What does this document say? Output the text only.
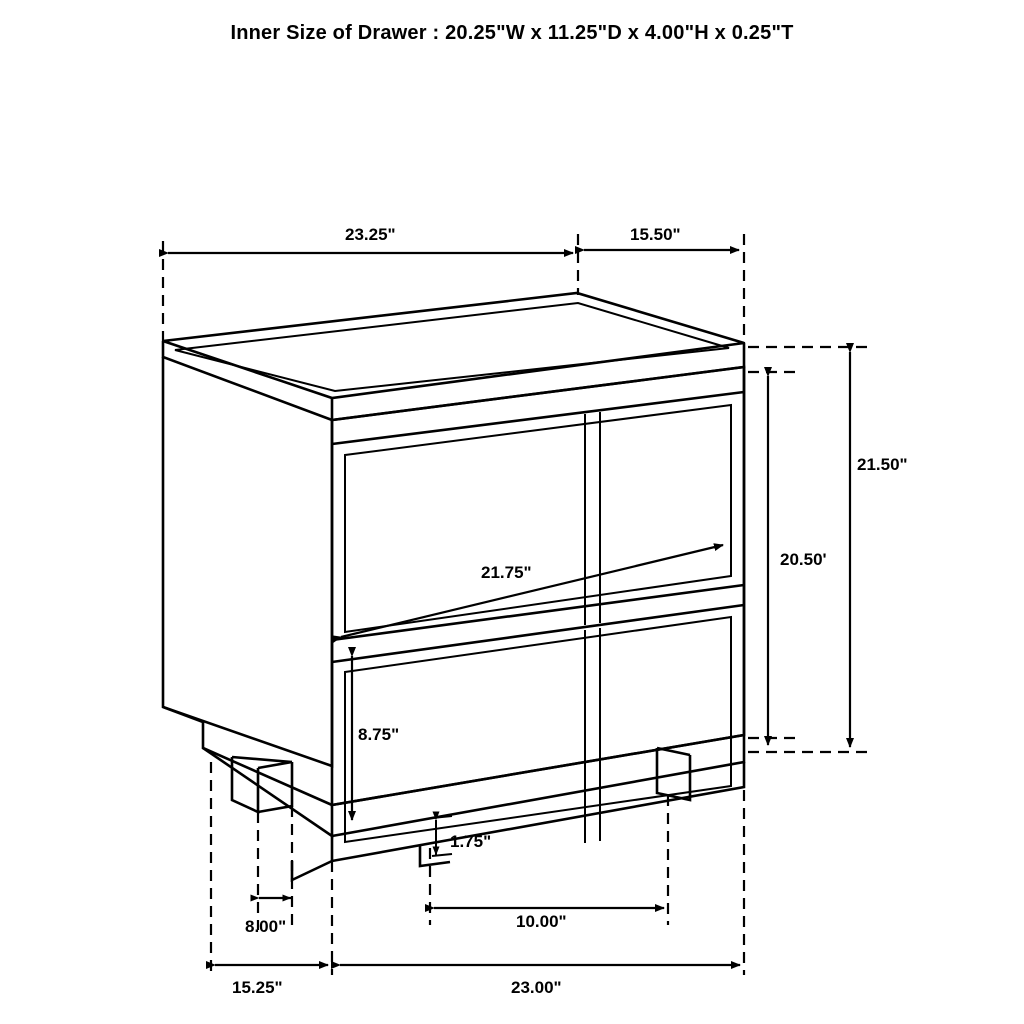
Inner Size of Drawer : 20.25"W x 11.25"D x 4.00"H x 0.25"T
23.25"	15.50"
21.50"
20.50'
21.75"
8.75"
1.75"
8.00"	10.00"
15.25"	23.00"
